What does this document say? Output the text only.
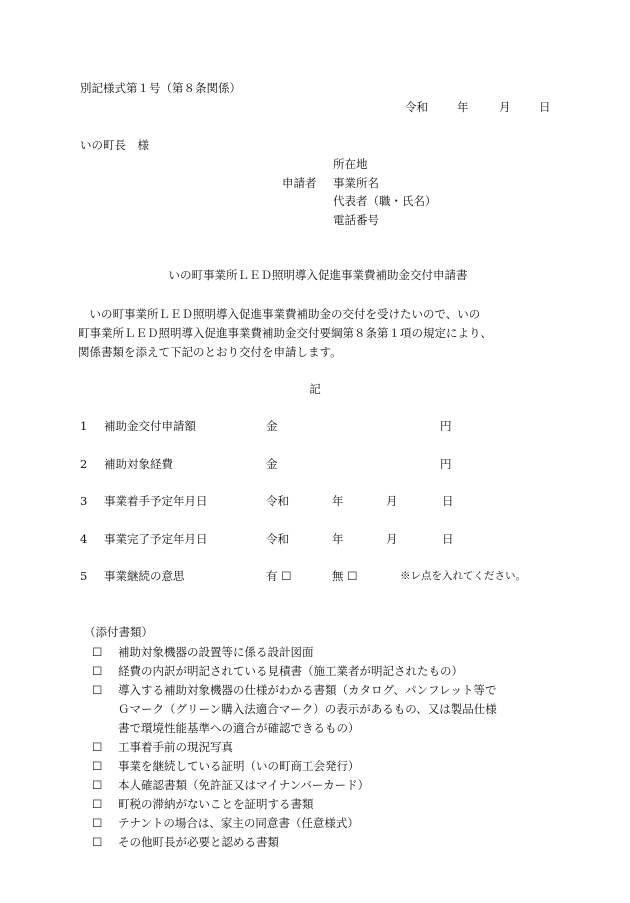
別記様式第１号（第８条関係）
令和	年	月 日
いの町長　様
申請者
所在地
事業所名
代表者（職・氏名）
電話番号
いの町事業所ＬＥＤ照明導入促進事業費補助金交付申請書
　いの町事業所ＬＥＤ照明導入促進事業費補助金の交付を受けたいので、いの
町事業所ＬＥＤ照明導入促進事業費補助金交付要綱第８条第１項の規定により、
関係書類を添えて下記のとおり交付を申請します。
記
1 補助金交付申請額	金	円
2 補助対象経費	金	円
3 事業着手予定年月日	令和	年	月	日
4 事業完了予定年月日	令和	年	月	日
5 事業継続の意思	有 ☐	無 ☐	※レ点を入れてください。
（添付書類）
☐ 補助対象機器の設置等に係る設計図面
☐ 経費の内訳が明記されている見積書（施工業者が明記されたもの）
☐ 導入する補助対象機器の仕様がわかる書類（カタログ、パンフレット等で
Ｇマーク（グリーン購入法適合マーク）の表示があるもの、又は製品仕様
書で環境性能基準への適合が確認できるもの）
☐ 工事着手前の現況写真
☐ 事業を継続している証明（いの町商工会発行）
☐ 本人確認書類（免許証又はマイナンバーカード）
☐ 町税の滞納がないことを証明する書類
☐ テナントの場合は、家主の同意書（任意様式）
☐ その他町長が必要と認める書類
